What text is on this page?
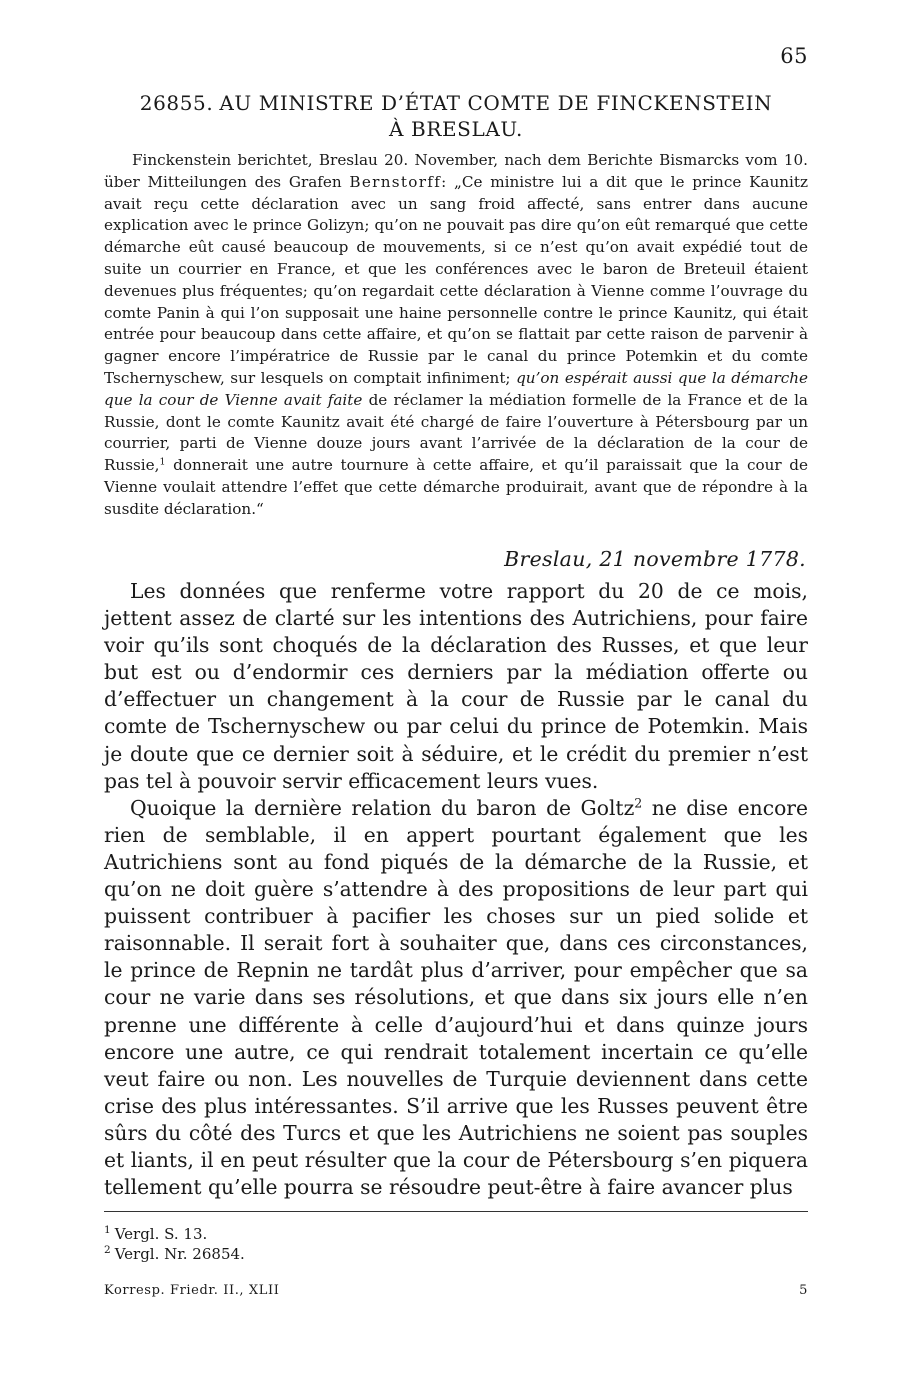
65
26855. AU MINISTRE D’ÉTAT COMTE DE FINCKENSTEIN
À BRESLAU.
Finckenstein berichtet, Breslau 20. November, nach dem Berichte Bismarcks vom 10. über Mitteilungen des Grafen Bernstorff: „Ce ministre lui a dit que le prince Kaunitz avait reçu cette déclaration avec un sang froid affecté, sans entrer dans aucune explication avec le prince Golizyn; qu’on ne pouvait pas dire qu’on eût remarqué que cette démarche eût causé beaucoup de mouvements, si ce n’est qu’on avait expédié tout de suite un courrier en France, et que les conférences avec le baron de Breteuil étaient devenues plus fréquentes; qu’on regardait cette déclaration à Vienne comme l’ouvrage du comte Panin à qui l’on supposait une haine personnelle contre le prince Kaunitz, qui était entrée pour beaucoup dans cette affaire, et qu’on se flattait par cette raison de parvenir à gagner encore l’impératrice de Russie par le canal du prince Potemkin et du comte Tschernyschew, sur lesquels on comptait infiniment; qu’on espérait aussi que la démarche que la cour de Vienne avait faite de réclamer la médiation formelle de la France et de la Russie, dont le comte Kaunitz avait été chargé de faire l’ouverture à Pétersbourg par un courrier, parti de Vienne douze jours avant l’arrivée de la déclaration de la cour de Russie,$^1$ donnerait une autre tournure à cette affaire, et qu’il paraissait que la cour de Vienne voulait attendre l’effet que cette démarche produirait, avant que de répondre à la susdite déclaration.“
Breslau, 21 novembre 1778.

Les données que renferme votre rapport du 20 de ce mois, jettent assez de clarté sur les intentions des Autrichiens, pour faire voir qu’ils sont choqués de la déclaration des Russes, et que leur but est ou d’endormir ces derniers par la médiation offerte ou d’effectuer un changement à la cour de Russie par le canal du comte de Tschernyschew ou par celui du prince de Potemkin. Mais je doute que ce dernier soit à séduire, et le crédit du premier n’est pas tel à pouvoir servir efficacement leurs vues.

Quoique la dernière relation du baron de Goltz$^2$ ne dise encore rien de semblable, il en appert pourtant également que les Autrichiens sont au fond piqués de la démarche de la Russie, et qu’on ne doit guère s’attendre à des propositions de leur part qui puissent contribuer à pacifier les choses sur un pied solide et raisonnable. Il serait fort à souhaiter que, dans ces circonstances, le prince de Repnin ne tardât plus d’arriver, pour empêcher que sa cour ne varie dans ses résolutions, et que dans six jours elle n’en prenne une différente à celle d’aujourd’hui et dans quinze jours encore une autre, ce qui rendrait totalement incertain ce qu’elle veut faire ou non. Les nouvelles de Turquie deviennent dans cette crise des plus intéressantes. S’il arrive que les Russes peuvent être sûrs du côté des Turcs et que les Autrichiens ne soient pas souples et liants, il en peut résulter que la cour de Pétersbourg s’en piquera tellement qu’elle pourra se résoudre peut-être à faire avancer plus

$^1$ Vergl. S. 13.

$^2$ Vergl. Nr. 26854.

Korresp. Friedr. II., XLII	5
